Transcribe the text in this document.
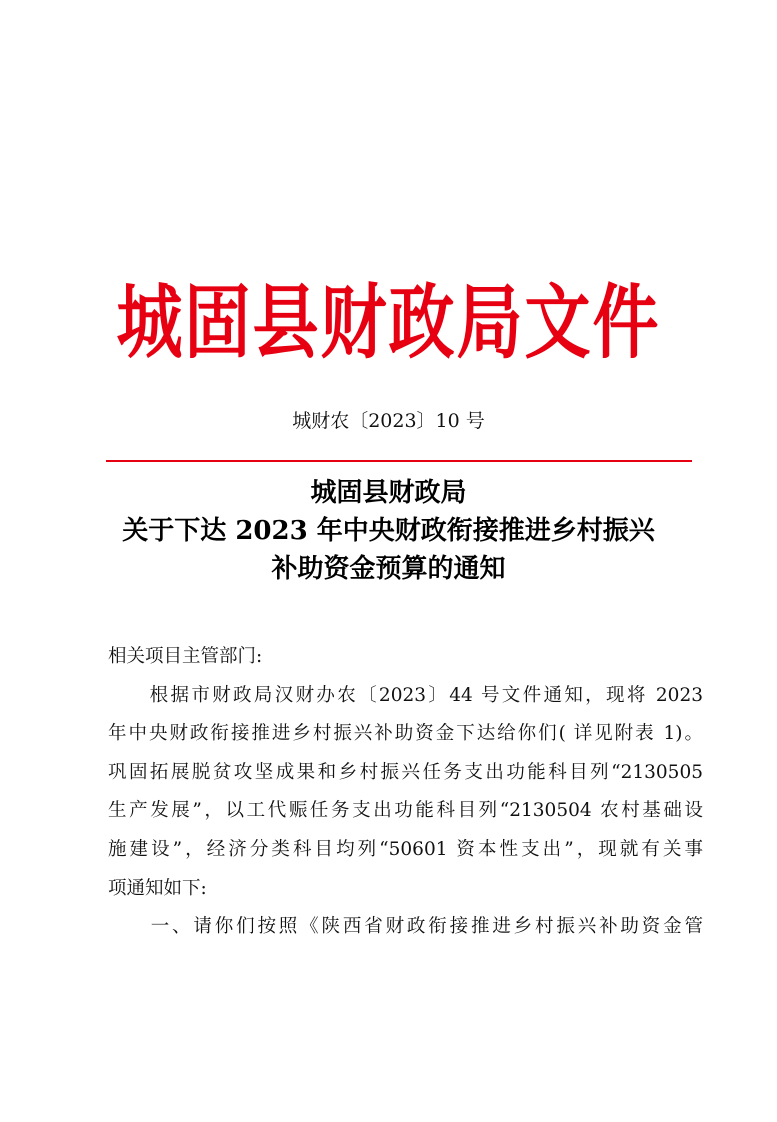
城固县财政局文件
城财农〔2023〕10 号
城固县财政局
关于下达 2023 年中央财政衔接推进乡村振兴
补助资金预算的通知
相关项目主管部门:
　　根据市财政局汉财办农〔2023〕44 号文件通知，现将 2023
年中央财政衔接推进乡村振兴补助资金下达给你们( 详见附表 1)。
巩固拓展脱贫攻坚成果和乡村振兴任务支出功能科目列“2130505
生产发展”，以工代赈任务支出功能科目列“2130504 农村基础设
施建设”，经济分类科目均列“50601 资本性支出”，现就有关事
项通知如下:
　　一、请你们按照《陕西省财政衔接推进乡村振兴补助资金管
